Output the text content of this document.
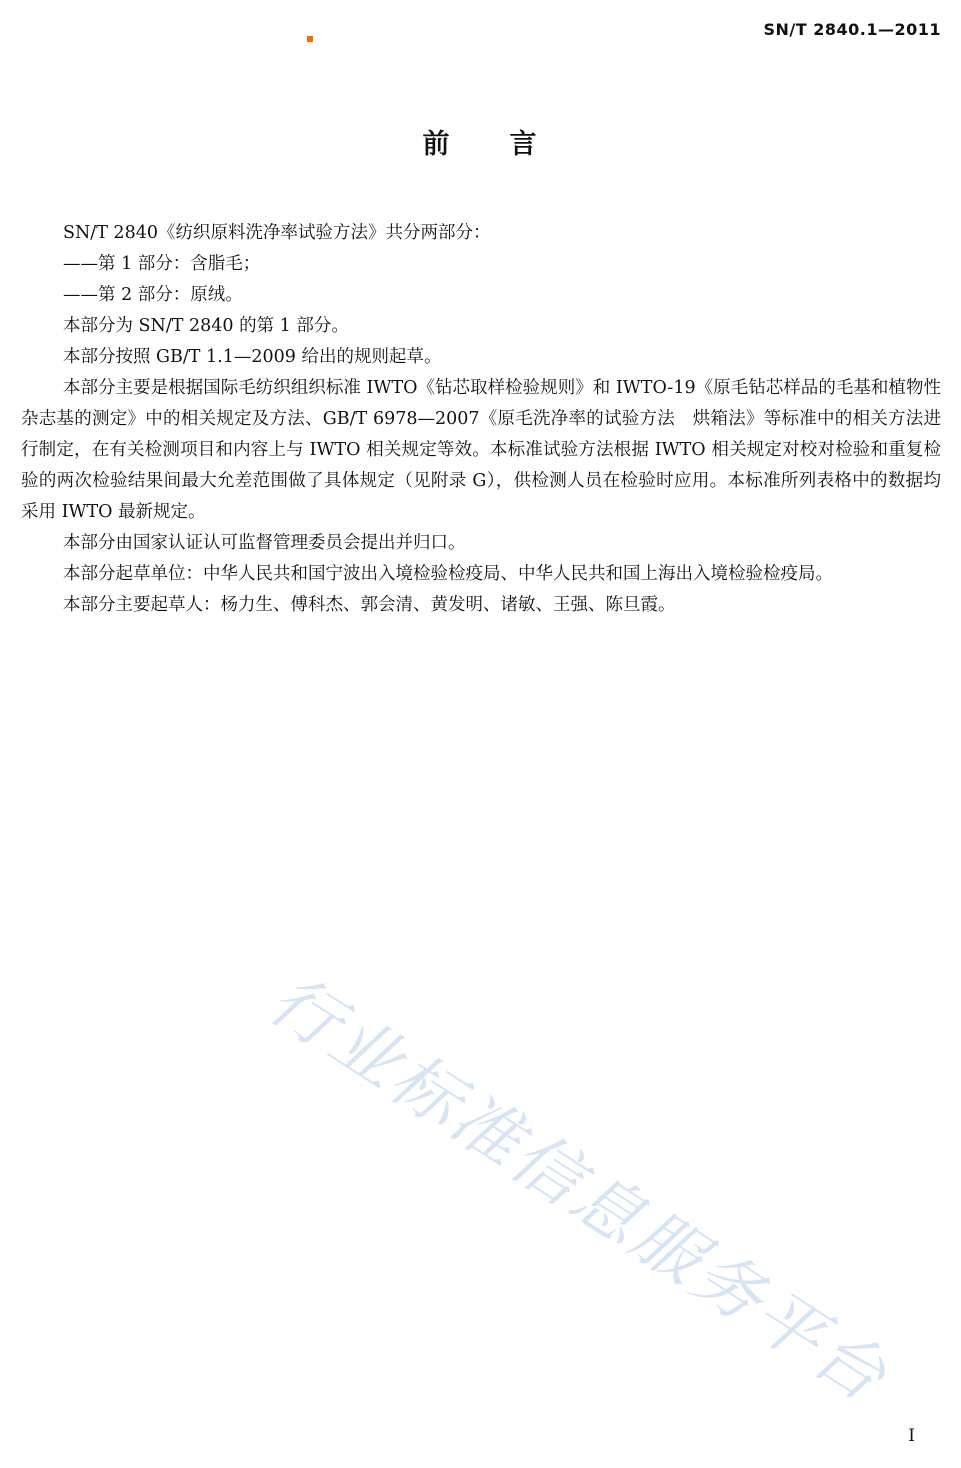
SN/T 2840.1—2011
前　　言

SN/T 2840《纺织原料洗净率试验方法》共分两部分：

——第 1 部分：含脂毛；

——第 2 部分：原绒。

本部分为 SN/T 2840 的第 1 部分。

本部分按照 GB/T 1.1—2009 给出的规则起草。

本部分主要是根据国际毛纺织组织标准 IWTO《钻芯取样检验规则》和 IWTO-19《原毛钻芯样品的毛基和植物性杂志基的测定》中的相关规定及方法、GB/T 6978—2007《原毛洗净率的试验方法　烘箱法》等标准中的相关方法进行制定，在有关检测项目和内容上与 IWTO 相关规定等效。本标准试验方法根据 IWTO 相关规定对校对检验和重复检验的两次检验结果间最大允差范围做了具体规定（见附录 G），供检测人员在检验时应用。本标准所列表格中的数据均采用 IWTO 最新规定。

本部分由国家认证认可监督管理委员会提出并归口。

本部分起草单位：中华人民共和国宁波出入境检验检疫局、中华人民共和国上海出入境检验检疫局。

本部分主要起草人：杨力生、傅科杰、郭会清、黄发明、诸敏、王强、陈旦霞。

行业标准信息服务平台
I
